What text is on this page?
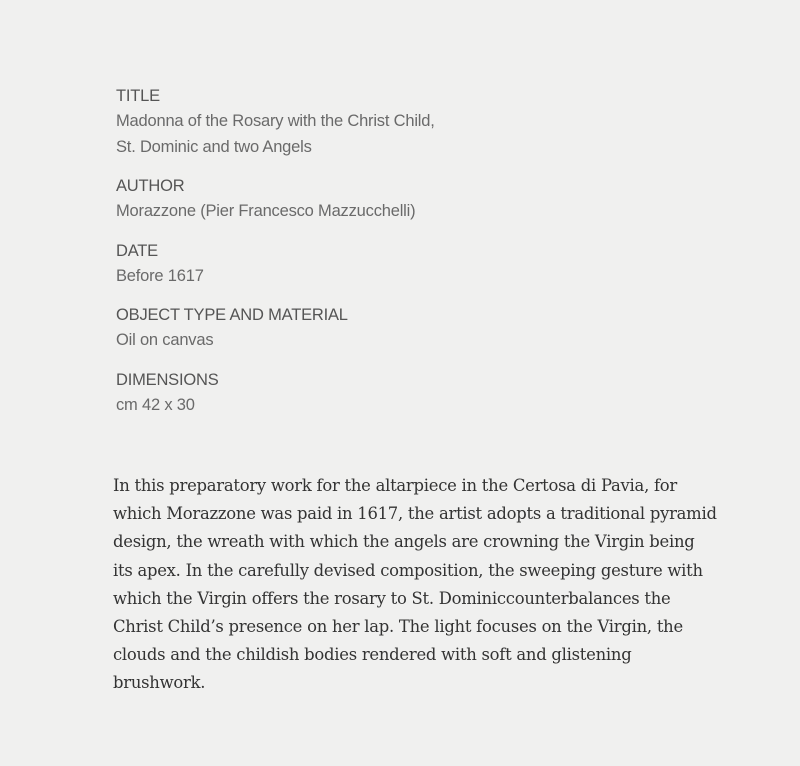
TITLE
Madonna of the Rosary with the Christ Child, St. Dominic and two Angels
AUTHOR
Morazzone (Pier Francesco Mazzucchelli)
DATE
Before 1617
OBJECT TYPE AND MATERIAL
Oil on canvas
DIMENSIONS
cm 42 x 30

In this preparatory work for the altarpiece in the Certosa di Pavia, for which Morazzone was paid in 1617, the artist adopts a traditional pyramid design, the wreath with which the angels are crowning the Virgin being its apex. In the carefully devised composition, the sweeping gesture with which the Virgin offers the rosary to St. Dominiccounterbalances the Christ Child’s presence on her lap. The light focuses on the Virgin, the clouds and the childish bodies rendered with soft and glistening brushwork.
